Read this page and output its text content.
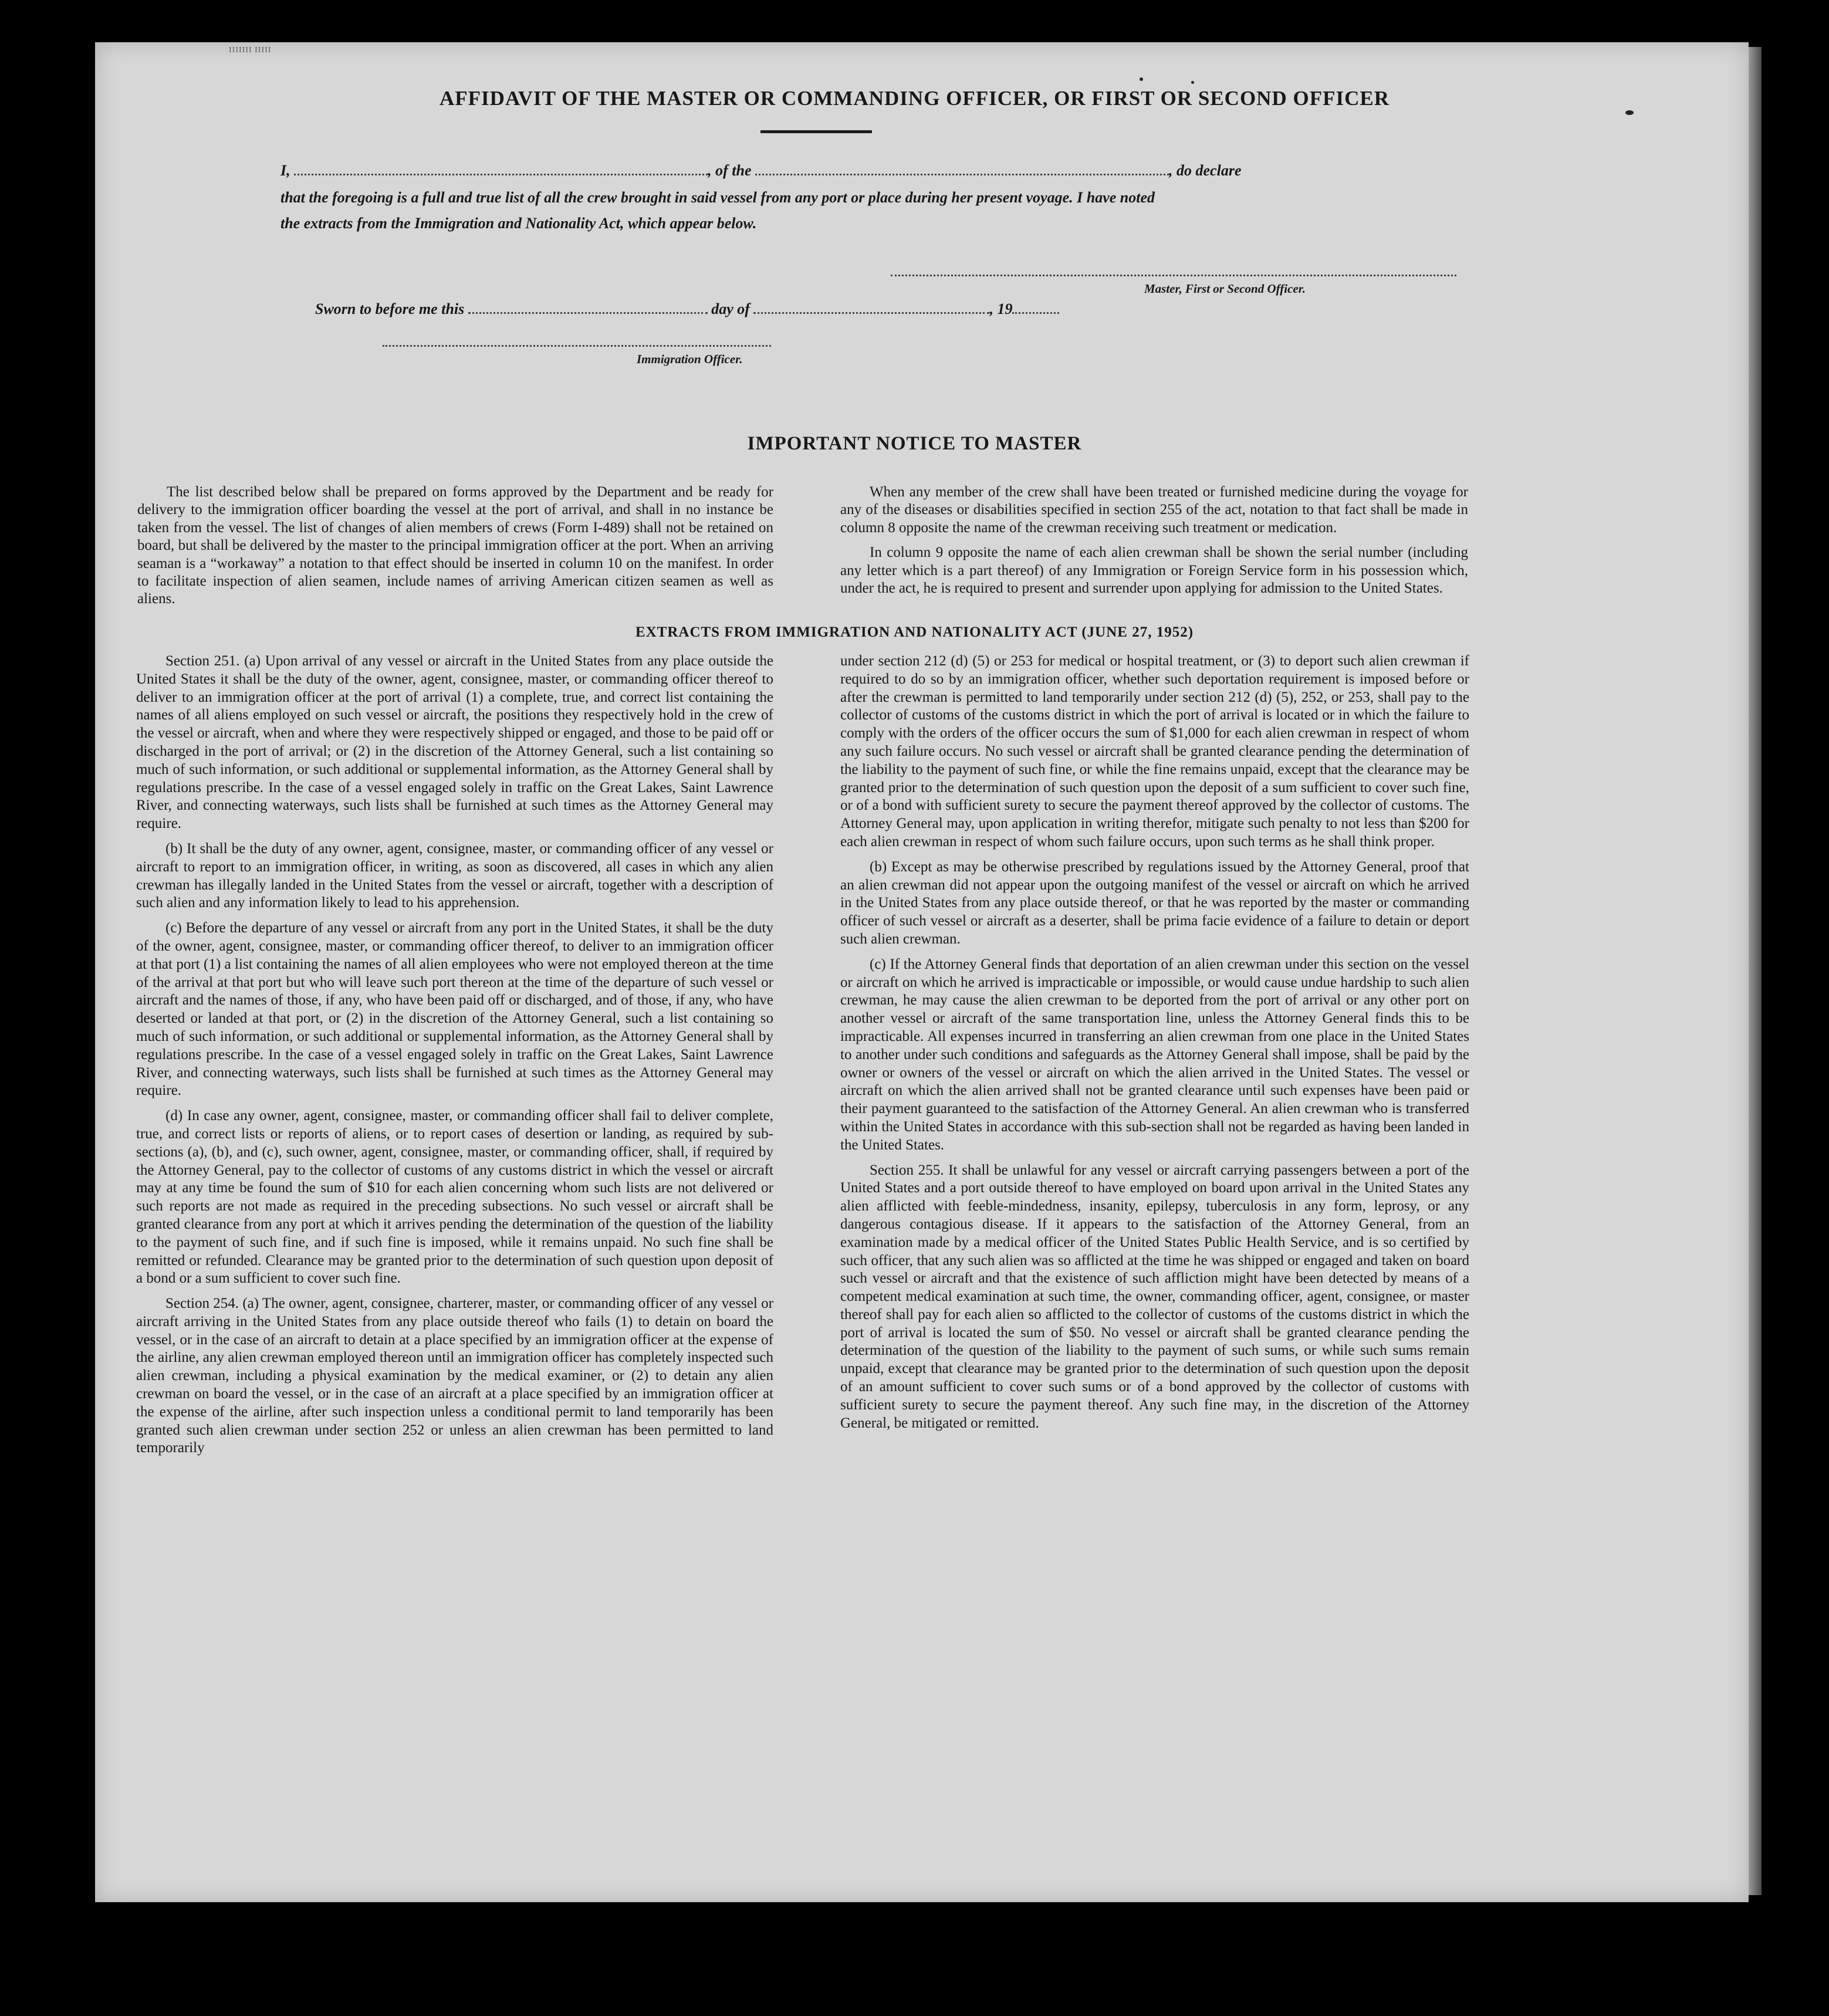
IIIIIII IIIII
AFFIDAVIT OF THE MASTER OR COMMANDING OFFICER, OR FIRST OR SECOND OFFICER
I,	, of the	, do declare
that the foregoing is a full and true list of all the crew brought in said vessel from any port or place during her present voyage. I have noted
the extracts from the Immigration and Nationality Act, which appear below.
Master, First or Second Officer.
Sworn to before me this	day of	, 19
Immigration Officer.
IMPORTANT NOTICE TO MASTER

The list described below shall be prepared on forms approved by the Department and be ready for delivery to the immigration officer boarding the vessel at the port of arrival, and shall in no instance be taken from the vessel. The list of changes of alien members of crews (Form I-489) shall not be retained on board, but shall be delivered by the master to the principal immigration officer at the port. When an arriving seaman is a “workaway” a notation to that effect should be inserted in column 10 on the manifest. In order to facilitate inspection of alien seamen, include names of arriving American citizen seamen as well as aliens.

When any member of the crew shall have been treated or furnished medicine during the voyage for any of the diseases or disabilities specified in section 255 of the act, notation to that fact shall be made in column 8 opposite the name of the crewman receiving such treatment or medication.

In column 9 opposite the name of each alien crewman shall be shown the serial number (including any letter which is a part thereof) of any Immigration or Foreign Service form in his possession which, under the act, he is required to present and surrender upon applying for admission to the United States.

EXTRACTS FROM IMMIGRATION AND NATIONALITY ACT (JUNE 27, 1952)

Section 251. (a) Upon arrival of any vessel or aircraft in the United States from any place outside the United States it shall be the duty of the owner, agent, consignee, master, or commanding officer thereof to deliver to an immigration officer at the port of arrival (1) a complete, true, and correct list containing the names of all aliens employed on such vessel or aircraft, the positions they respectively hold in the crew of the vessel or aircraft, when and where they were respectively shipped or engaged, and those to be paid off or discharged in the port of arrival; or (2) in the discretion of the Attorney General, such a list containing so much of such information, or such additional or supplemental information, as the Attorney General shall by regulations prescribe. In the case of a vessel engaged solely in traffic on the Great Lakes, Saint Lawrence River, and connecting waterways, such lists shall be furnished at such times as the Attorney General may require.

(b) It shall be the duty of any owner, agent, consignee, master, or commanding officer of any vessel or aircraft to report to an immigration officer, in writing, as soon as discovered, all cases in which any alien crewman has illegally landed in the United States from the vessel or aircraft, together with a description of such alien and any information likely to lead to his apprehension.

(c) Before the departure of any vessel or aircraft from any port in the United States, it shall be the duty of the owner, agent, consignee, master, or commanding officer thereof, to deliver to an immigration officer at that port (1) a list containing the names of all alien employees who were not employed thereon at the time of the arrival at that port but who will leave such port thereon at the time of the departure of such vessel or aircraft and the names of those, if any, who have been paid off or discharged, and of those, if any, who have deserted or landed at that port, or (2) in the discretion of the Attorney General, such a list containing so much of such information, or such additional or supplemental information, as the Attorney General shall by regulations prescribe. In the case of a vessel engaged solely in traffic on the Great Lakes, Saint Lawrence River, and connecting waterways, such lists shall be furnished at such times as the Attorney General may require.

(d) In case any owner, agent, consignee, master, or commanding officer shall fail to deliver complete, true, and correct lists or reports of aliens, or to report cases of desertion or landing, as required by sub-sections (a), (b), and (c), such owner, agent, consignee, master, or commanding officer, shall, if required by the Attorney General, pay to the collector of customs of any customs district in which the vessel or aircraft may at any time be found the sum of $10 for each alien concerning whom such lists are not delivered or such reports are not made as required in the preceding subsections. No such vessel or aircraft shall be granted clearance from any port at which it arrives pending the determination of the question of the liability to the payment of such fine, and if such fine is imposed, while it remains unpaid. No such fine shall be remitted or refunded. Clearance may be granted prior to the determination of such question upon deposit of a bond or a sum sufficient to cover such fine.

Section 254. (a) The owner, agent, consignee, charterer, master, or commanding officer of any vessel or aircraft arriving in the United States from any place outside thereof who fails (1) to detain on board the vessel, or in the case of an aircraft to detain at a place specified by an immigration officer at the expense of the airline, any alien crewman employed thereon until an immigration officer has completely inspected such alien crewman, including a physical examination by the medical examiner, or (2) to detain any alien crewman on board the vessel, or in the case of an aircraft at a place specified by an immigration officer at the expense of the airline, after such inspection unless a conditional permit to land temporarily has been granted such alien crewman under section 252 or unless an alien crewman has been permitted to land temporarily

under section 212 (d) (5) or 253 for medical or hospital treatment, or (3) to deport such alien crewman if required to do so by an immigration officer, whether such deportation requirement is imposed before or after the crewman is permitted to land temporarily under section 212 (d) (5), 252, or 253, shall pay to the collector of customs of the customs district in which the port of arrival is located or in which the failure to comply with the orders of the officer occurs the sum of $1,000 for each alien crewman in respect of whom any such failure occurs. No such vessel or aircraft shall be granted clearance pending the determination of the liability to the payment of such fine, or while the fine remains unpaid, except that the clearance may be granted prior to the determination of such question upon the deposit of a sum sufficient to cover such fine, or of a bond with sufficient surety to secure the payment thereof approved by the collector of customs. The Attorney General may, upon application in writing therefor, mitigate such penalty to not less than $200 for each alien crewman in respect of whom such failure occurs, upon such terms as he shall think proper.

(b) Except as may be otherwise prescribed by regulations issued by the Attorney General, proof that an alien crewman did not appear upon the outgoing manifest of the vessel or aircraft on which he arrived in the United States from any place outside thereof, or that he was reported by the master or commanding officer of such vessel or aircraft as a deserter, shall be prima facie evidence of a failure to detain or deport such alien crewman.

(c) If the Attorney General finds that deportation of an alien crewman under this section on the vessel or aircraft on which he arrived is impracticable or impossible, or would cause undue hardship to such alien crewman, he may cause the alien crewman to be deported from the port of arrival or any other port on another vessel or aircraft of the same transportation line, unless the Attorney General finds this to be impracticable. All expenses incurred in transferring an alien crewman from one place in the United States to another under such conditions and safeguards as the Attorney General shall impose, shall be paid by the owner or owners of the vessel or aircraft on which the alien arrived in the United States. The vessel or aircraft on which the alien arrived shall not be granted clearance until such expenses have been paid or their payment guaranteed to the satisfaction of the Attorney General. An alien crewman who is transferred within the United States in accordance with this sub-section shall not be regarded as having been landed in the United States.

Section 255. It shall be unlawful for any vessel or aircraft carrying passengers between a port of the United States and a port outside thereof to have employed on board upon arrival in the United States any alien afflicted with feeble-mindedness, insanity, epilepsy, tuberculosis in any form, leprosy, or any dangerous contagious disease. If it appears to the satisfaction of the Attorney General, from an examination made by a medical officer of the United States Public Health Service, and is so certified by such officer, that any such alien was so afflicted at the time he was shipped or engaged and taken on board such vessel or aircraft and that the existence of such affliction might have been detected by means of a competent medical examination at such time, the owner, commanding officer, agent, consignee, or master thereof shall pay for each alien so afflicted to the collector of customs of the customs district in which the port of arrival is located the sum of $50. No vessel or aircraft shall be granted clearance pending the determination of the question of the liability to the payment of such sums, or while such sums remain unpaid, except that clearance may be granted prior to the determination of such question upon the deposit of an amount sufficient to cover such sums or of a bond approved by the collector of customs with sufficient surety to secure the payment thereof. Any such fine may, in the discretion of the Attorney General, be mitigated or remitted.
